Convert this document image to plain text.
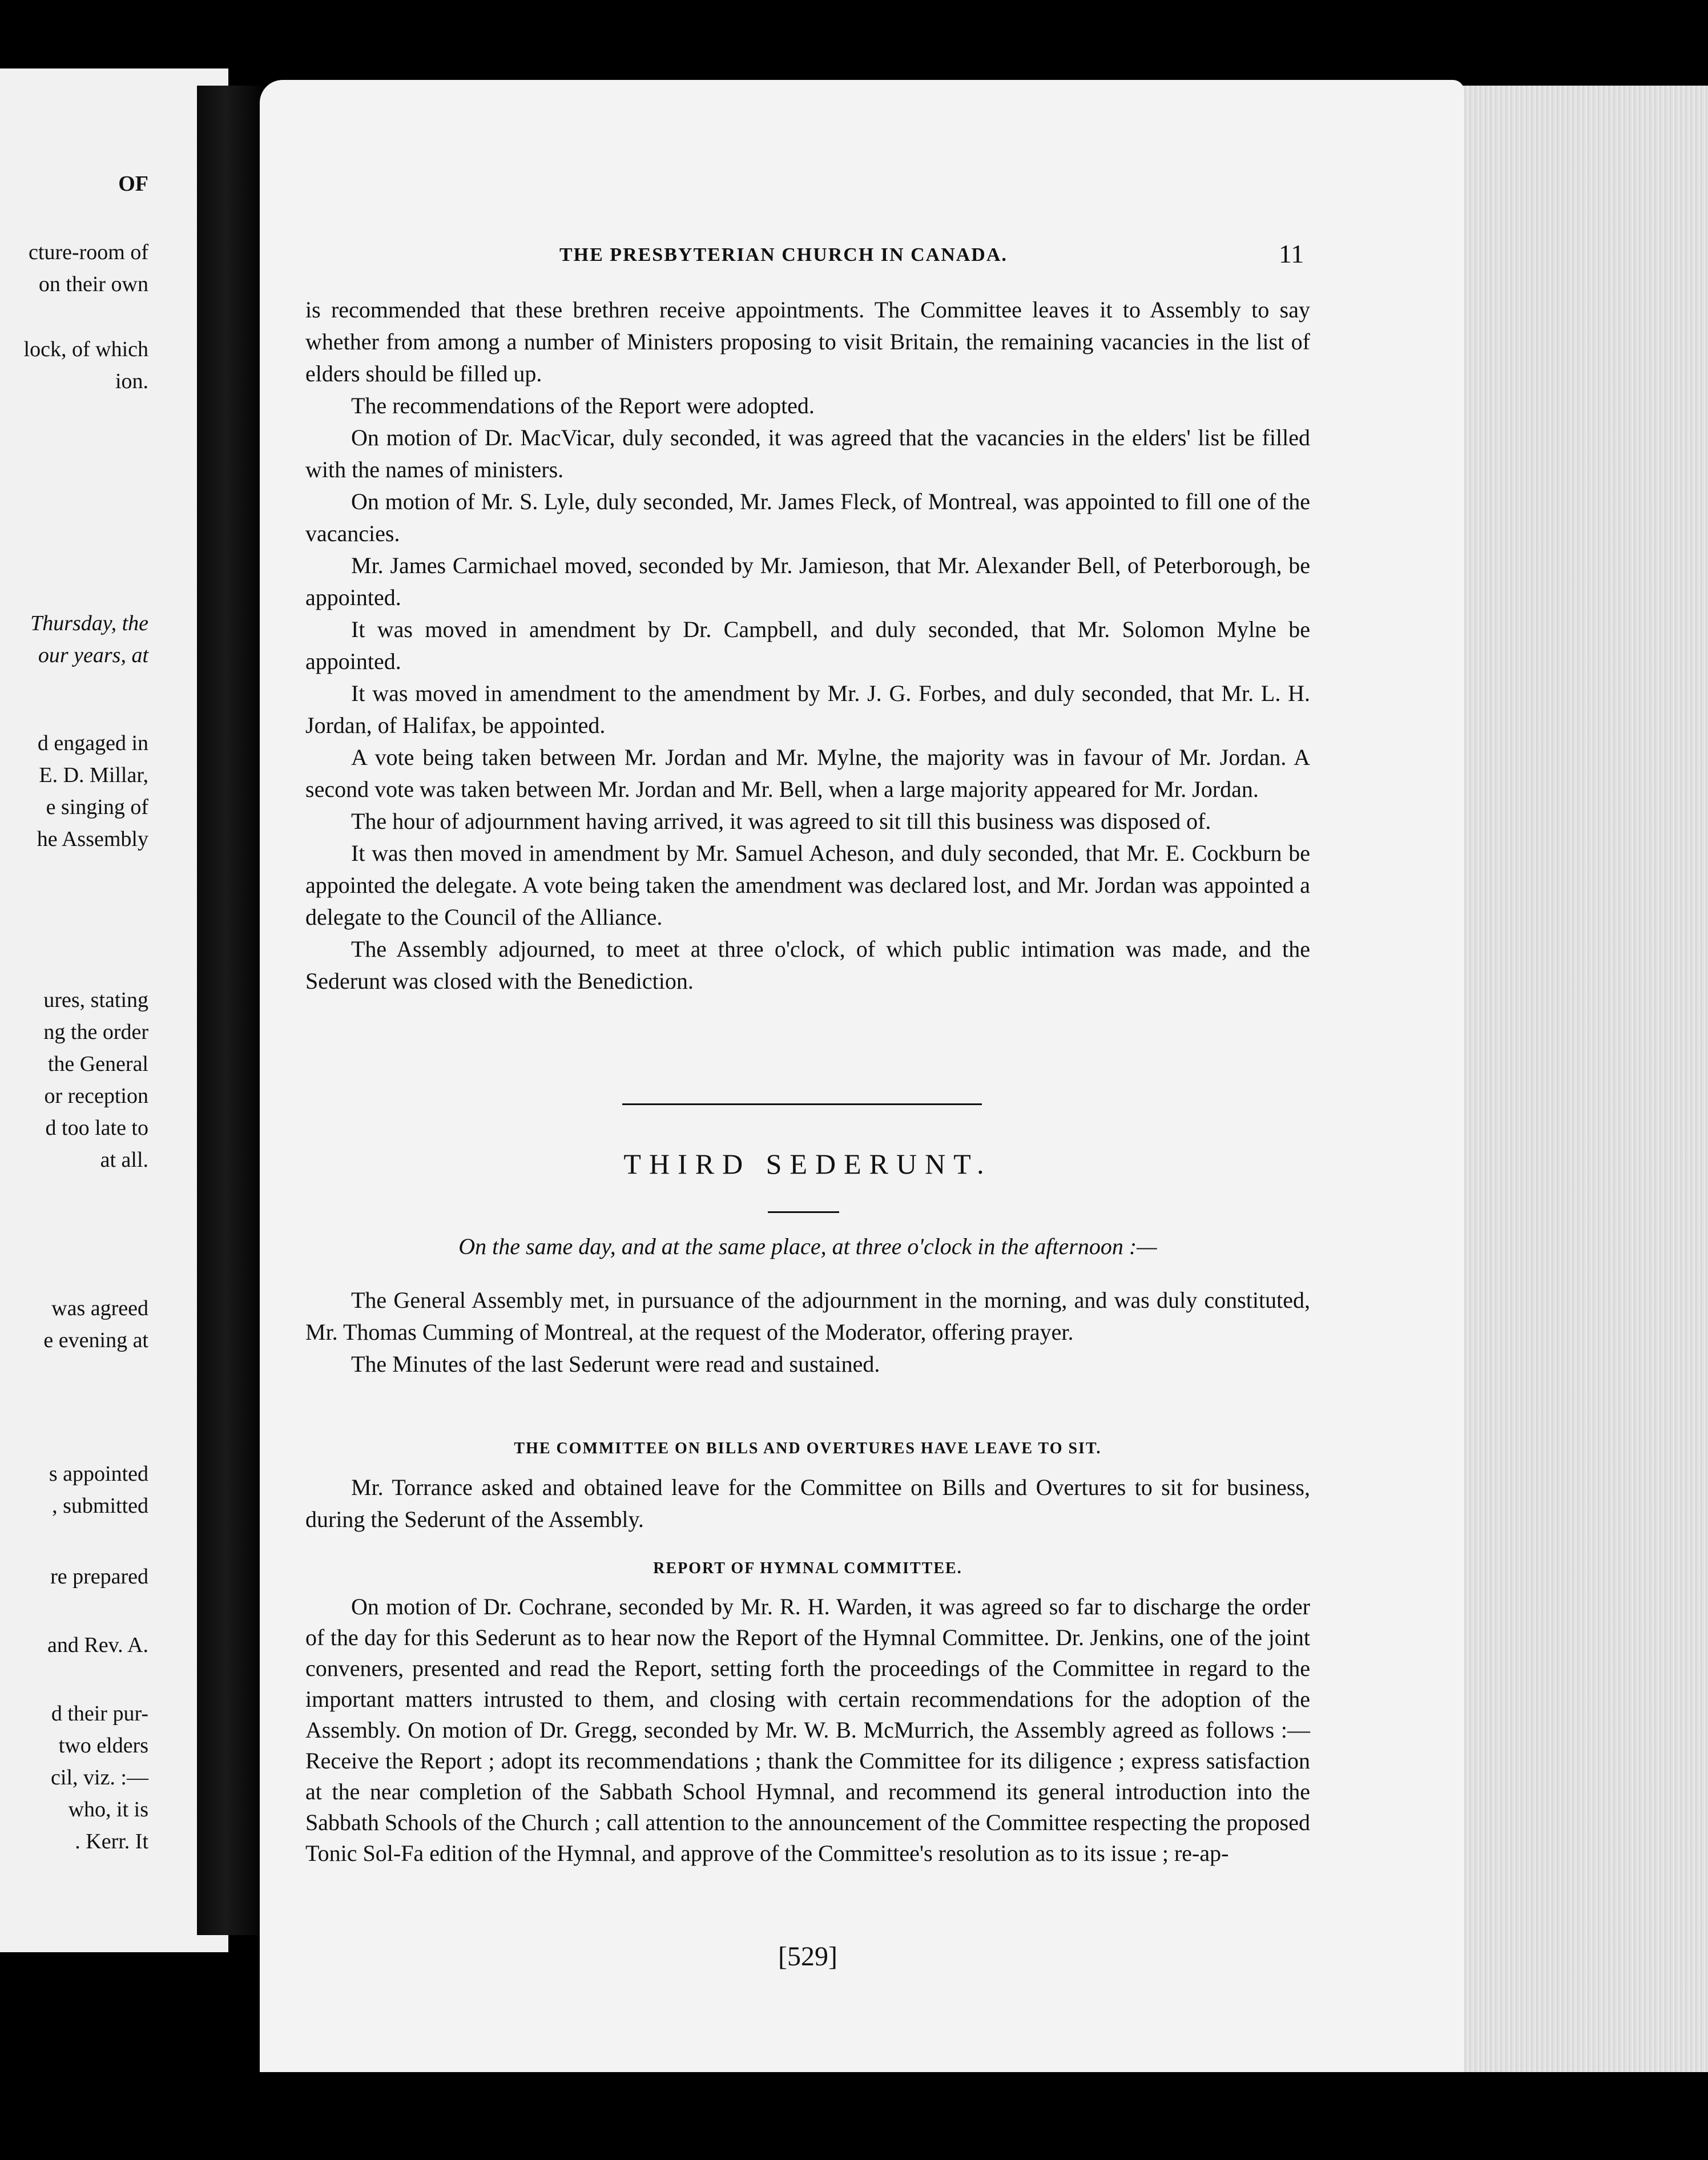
OF
cture-room of
on their own
lock, of which
ion.
Thursday, the
our years, at
d engaged in
E. D. Millar,
e singing of
he Assembly
ures, stating
ng the order
the General
or reception
d too late to
at all.
was agreed
e evening at
s appointed
, submitted
re prepared
and Rev. A.
d their pur-
two elders
cil, viz. :—
who, it is
. Kerr. It
THE PRESBYTERIAN CHURCH IN CANADA.	11

is recommended that these brethren receive appointments. The Committee leaves it to Assembly to say whether from among a number of Ministers proposing to visit Britain, the remaining vacancies in the list of elders should be filled up.

The recommendations of the Report were adopted.

On motion of Dr. MacVicar, duly seconded, it was agreed that the vacancies in the elders' list be filled with the names of ministers.

On motion of Mr. S. Lyle, duly seconded, Mr. James Fleck, of Montreal, was appointed to fill one of the vacancies.

Mr. James Carmichael moved, seconded by Mr. Jamieson, that Mr. Alexander Bell, of Peterborough, be appointed.

It was moved in amendment by Dr. Campbell, and duly seconded, that Mr. Solomon Mylne be appointed.

It was moved in amendment to the amendment by Mr. J. G. Forbes, and duly seconded, that Mr. L. H. Jordan, of Halifax, be appointed.

A vote being taken between Mr. Jordan and Mr. Mylne, the majority was in favour of Mr. Jordan. A second vote was taken between Mr. Jordan and Mr. Bell, when a large majority appeared for Mr. Jordan.

The hour of adjournment having arrived, it was agreed to sit till this business was disposed of.

It was then moved in amendment by Mr. Samuel Acheson, and duly seconded, that Mr. E. Cockburn be appointed the delegate. A vote being taken the amendment was declared lost, and Mr. Jordan was appointed a delegate to the Council of the Alliance.

The Assembly adjourned, to meet at three o'clock, of which public intimation was made, and the Sederunt was closed with the Benediction.

THIRD SEDERUNT.
On the same day, and at the same place, at three o'clock in the afternoon :—

The General Assembly met, in pursuance of the adjournment in the morning, and was duly constituted, Mr. Thomas Cumming of Montreal, at the request of the Moderator, offering prayer.

The Minutes of the last Sederunt were read and sustained.

THE COMMITTEE ON BILLS AND OVERTURES HAVE LEAVE TO SIT.

Mr. Torrance asked and obtained leave for the Committee on Bills and Overtures to sit for business, during the Sederunt of the Assembly.

REPORT OF HYMNAL COMMITTEE.

On motion of Dr. Cochrane, seconded by Mr. R. H. Warden, it was agreed so far to discharge the order of the day for this Sederunt as to hear now the Report of the Hymnal Committee. Dr. Jenkins, one of the joint conveners, presented and read the Report, setting forth the proceedings of the Committee in regard to the important matters intrusted to them, and closing with certain recommendations for the adoption of the Assembly. On motion of Dr. Gregg, seconded by Mr. W. B. McMurrich, the Assembly agreed as follows :—Receive the Report ; adopt its recommendations ; thank the Committee for its diligence ; express satisfaction at the near completion of the Sabbath School Hymnal, and recommend its general introduction into the Sabbath Schools of the Church ; call attention to the announcement of the Committee respecting the proposed Tonic Sol-Fa edition of the Hymnal, and approve of the Committee's resolution as to its issue ; re-ap-

[529]
